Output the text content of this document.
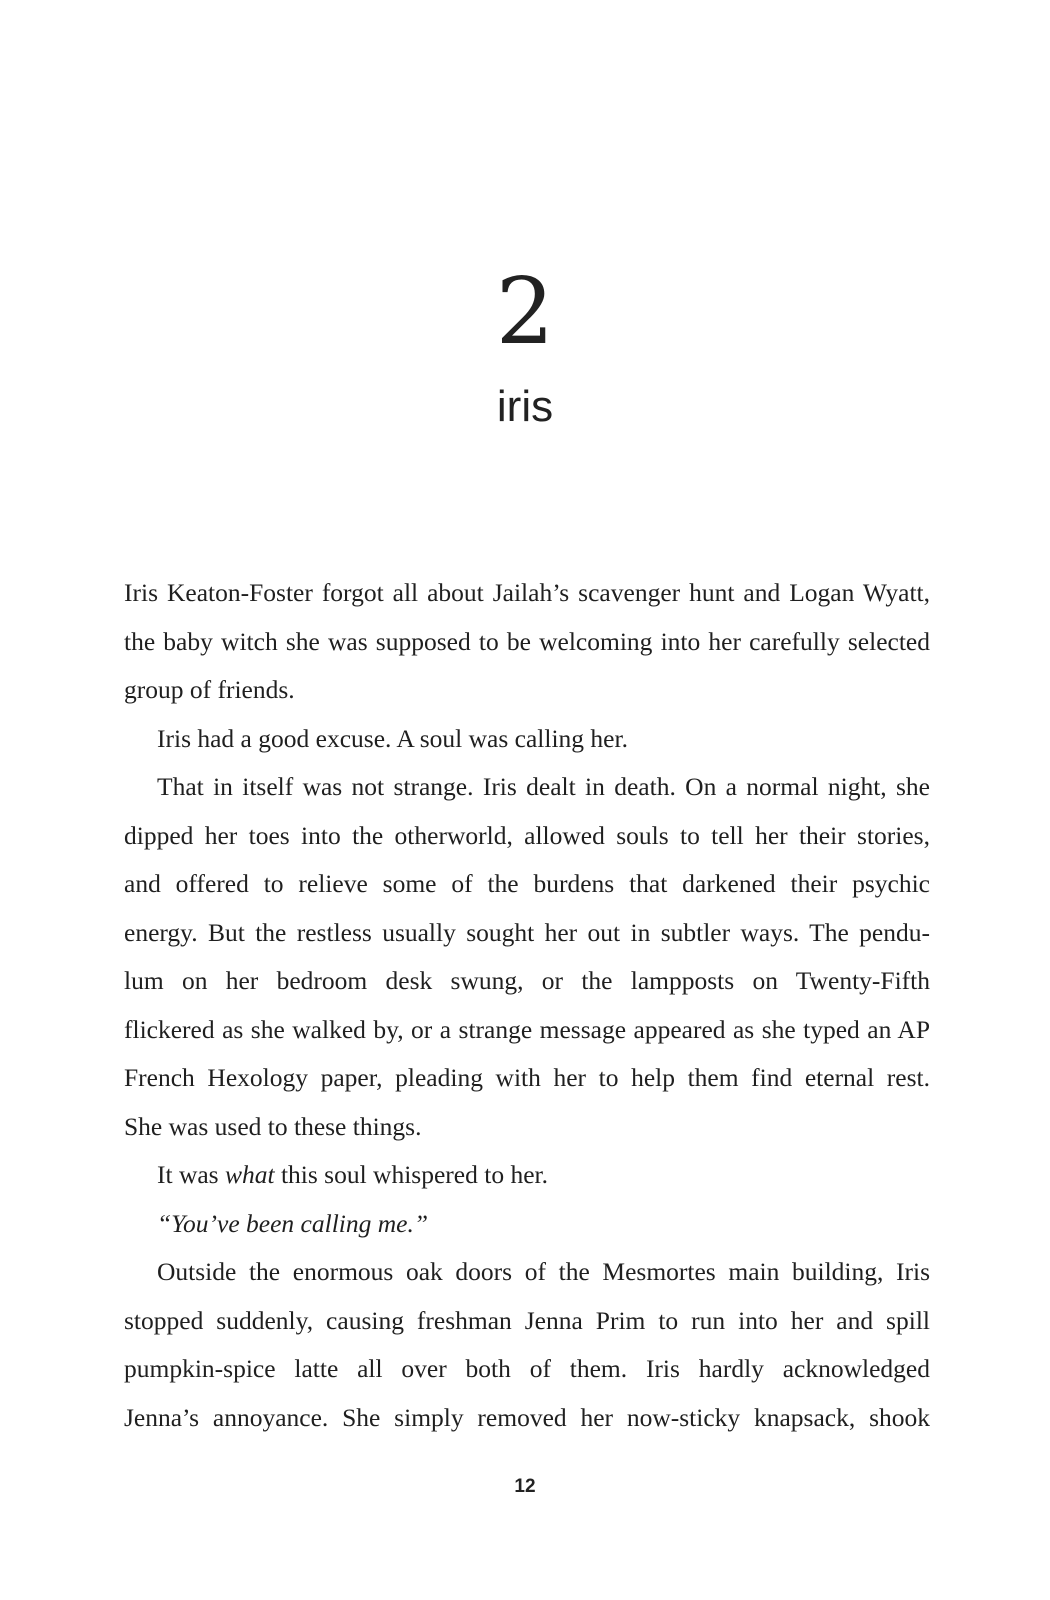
2
iris
Iris Keaton-Foster forgot all about Jailah’s scavenger hunt and Logan Wyatt,
the baby witch she was supposed to be welcoming into her carefully selected
group of friends.
Iris had a good excuse. A soul was calling her.
That in itself was not strange. Iris dealt in death. On a normal night, she
dipped her toes into the otherworld, allowed souls to tell her their stories,
and offered to relieve some of the burdens that darkened their psychic
energy. But the restless usually sought her out in subtler ways. The pendu-
lum on her bedroom desk swung, or the lampposts on Twenty-Fifth
flickered as she walked by, or a strange message appeared as she typed an AP
French Hexology paper, pleading with her to help them find eternal rest.
She was used to these things.
It was what this soul whispered to her.
“You’ve been calling me.”
Outside the enormous oak doors of the Mesmortes main building, Iris
stopped suddenly, causing freshman Jenna Prim to run into her and spill
pumpkin-spice latte all over both of them. Iris hardly acknowledged
Jenna’s annoyance. She simply removed her now-sticky knapsack, shook
12
